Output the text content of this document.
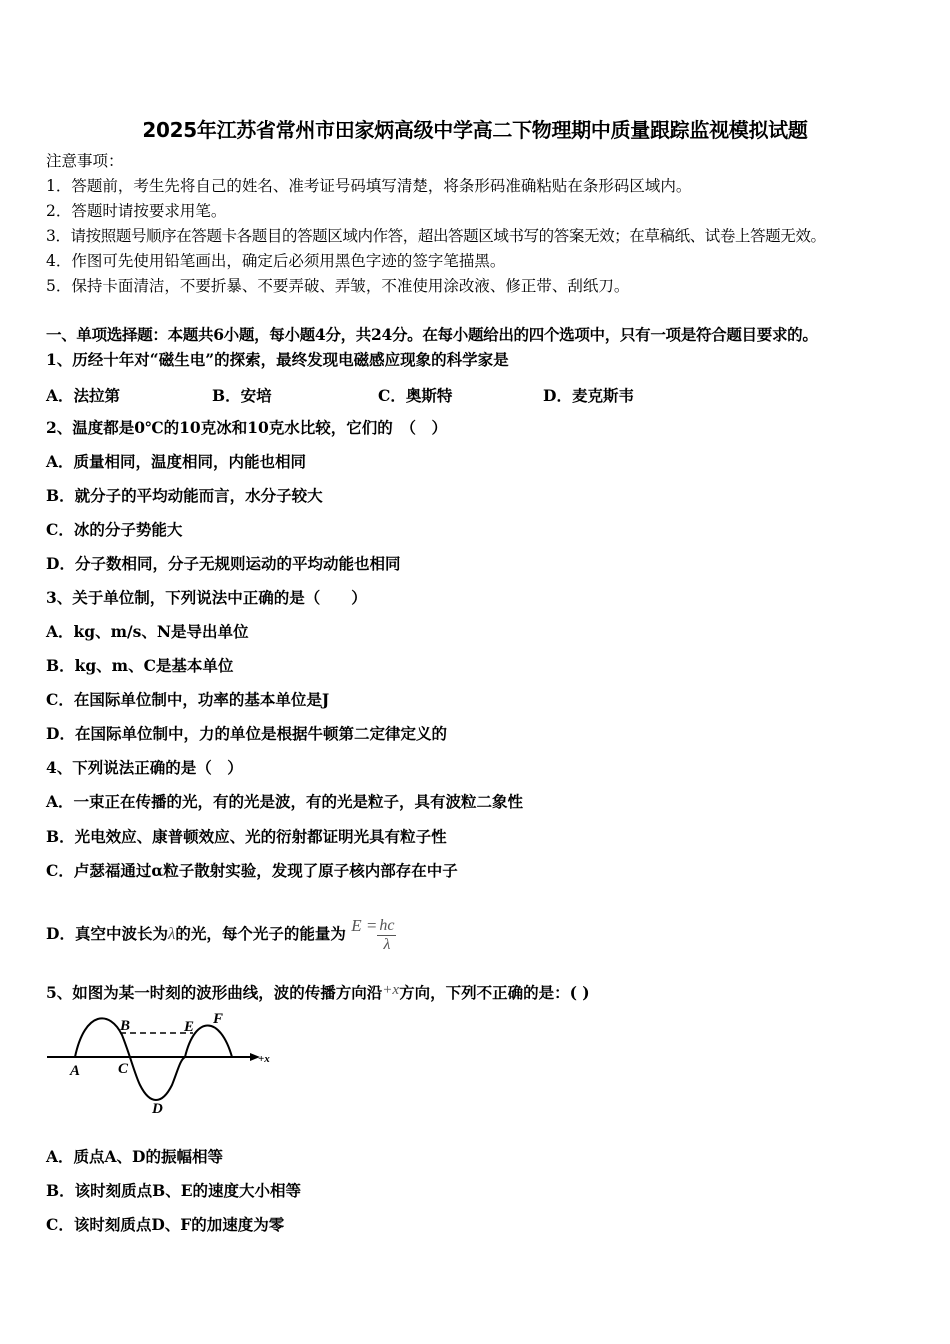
2025年江苏省常州市田家炳高级中学高二下物理期中质量跟踪监视模拟试题
注意事项：
1．答题前，考生先将自己的姓名、准考证号码填写清楚，将条形码准确粘贴在条形码区域内。
2．答题时请按要求用笔。
3．请按照题号顺序在答题卡各题目的答题区域内作答，超出答题区域书写的答案无效；在草稿纸、试卷上答题无效。
4．作图可先使用铅笔画出，确定后必须用黑色字迹的签字笔描黑。
5．保持卡面清洁，不要折暴、不要弄破、弄皱，不准使用涂改液、修正带、刮纸刀。
一、单项选择题：本题共6小题，每小题4分，共24分。在每小题给出的四个选项中，只有一项是符合题目要求的。
1、历经十年对“磁生电”的探索，最终发现电磁感应现象的科学家是
A．法拉第	B．安培	C．奥斯特	D．麦克斯韦
2、温度都是0℃的10克冰和10克水比较，它们的　（　）
A．质量相同，温度相同，内能也相同
B．就分子的平均动能而言，水分子较大
C．冰的分子势能大
D．分子数相同，分子无规则运动的平均动能也相同
3、关于单位制，下列说法中正确的是（　　）
A．kg、m/s、N是导出单位
B．kg、m、C是基本单位
C．在国际单位制中，功率的基本单位是J
D．在国际单位制中，力的单位是根据牛顿第二定律定义的
4、下列说法正确的是（　）
A．一束正在传播的光，有的光是波，有的光是粒子，具有波粒二象性
B．光电效应、康普顿效应、光的衍射都证明光具有粒子性
C．卢瑟福通过α粒子散射实验，发现了原子核内部存在中子
D．真空中波长为λ的光，每个光子的能量为 $E = \frac{hc}{\lambda}$
5、如图为某一时刻的波形曲线，波的传播方向沿+x方向，下列不正确的是：( )
A
B
C
D
E F
+x
A．质点A、D的振幅相等
B．该时刻质点B、E的速度大小相等
C．该时刻质点D、F的加速度为零
